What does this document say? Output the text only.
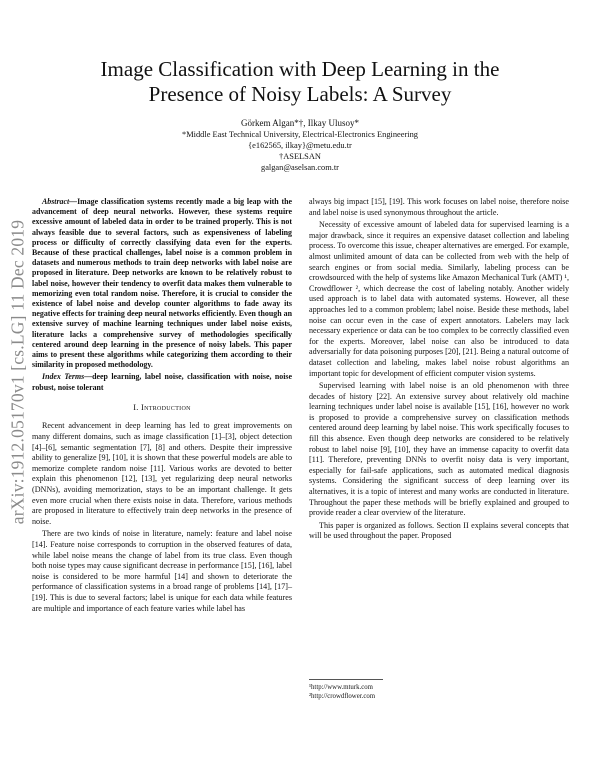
arXiv:1912.05170v1 [cs.LG] 11 Dec 2019
Image Classification with Deep Learning in the
Presence of Noisy Labels: A Survey
Görkem Algan*†, Ilkay Ulusoy*
*Middle East Technical University, Electrical-Electronics Engineering
{e162565, ilkay}@metu.edu.tr
†ASELSAN
galgan@aselsan.com.tr

Abstract—Image classification systems recently made a big leap with the advancement of deep neural networks. However, these systems require excessive amount of labeled data in order to be trained properly. This is not always feasible due to several factors, such as expensiveness of labeling process or difficulty of correctly classifying data even for the experts. Because of these practical challenges, label noise is a common problem in datasets and numerous methods to train deep networks with label noise are proposed in literature. Deep networks are known to be relatively robust to label noise, however their tendency to overfit data makes them vulnerable to memorizing even total random noise. Therefore, it is crucial to consider the existence of label noise and develop counter algorithms to fade away its negative effects for training deep neural networks efficiently. Even though an extensive survey of machine learning techniques under label noise exists, literature lacks a comprehensive survey of methodologies specifically centered around deep learning in the presence of noisy labels. This paper aims to present these algorithms while categorizing them according to their similarity in proposed methodology.

Index Terms—deep learning, label noise, classification with noise, noise robust, noise tolerant

I. Introduction

Recent advancement in deep learning has led to great improvements on many different domains, such as image classification [1]–[3], object detection [4]–[6], semantic segmentation [7], [8] and others. Despite their impressive ability to generalize [9], [10], it is shown that these powerful models are able to memorize complete random noise [11]. Various works are devoted to better explain this phenomenon [12], [13], yet regularizing deep neural networks (DNNs), avoiding memorization, stays to be an important challenge. It gets even more crucial when there exists noise in data. Therefore, various methods are proposed in literature to effectively train deep networks in the presence of noise.

There are two kinds of noise in literature, namely: feature and label noise [14]. Feature noise corresponds to corruption in the observed features of data, while label noise means the change of label from its true class. Even though both noise types may cause significant decrease in performance [15], [16], label noise is considered to be more harmful [14] and shown to deteriorate the performance of classification systems in a broad range of problems [14], [17]–[19]. This is due to several factors; label is unique for each data while features are multiple and importance of each feature varies while label has

always big impact [15], [19]. This work focuses on label noise, therefore noise and label noise is used synonymous throughout the article.

Necessity of excessive amount of labeled data for supervised learning is a major drawback, since it requires an expensive dataset collection and labeling process. To overcome this issue, cheaper alternatives are emerged. For example, almost unlimited amount of data can be collected from web with the help of search engines or from social media. Similarly, labeling process can be crowdsourced with the help of systems like Amazon Mechanical Turk (AMT) ¹, Crowdflower ², which decrease the cost of labeling notably. Another widely used approach is to label data with automated systems. However, all these approaches led to a common problem; label noise. Beside these methods, label noise can occur even in the case of expert annotators. Labelers may lack necessary experience or data can be too complex to be correctly classified even for the experts. Moreover, label noise can also be introduced to data adversarially for data poisoning purposes [20], [21]. Being a natural outcome of dataset collection and labeling, makes label noise robust algorithms an important topic for development of efficient computer vision systems.

Supervised learning with label noise is an old phenomenon with three decades of history [22]. An extensive survey about relatively old machine learning techniques under label noise is available [15], [16], however no work is proposed to provide a comprehensive survey on classification methods centered around deep learning by label noise. This work specifically focuses to fill this absence. Even though deep networks are considered to be relatively robust to label noise [9], [10], they have an immense capacity to overfit data [11]. Therefore, preventing DNNs to overfit noisy data is very important, especially for fail-safe applications, such as automated medical diagnosis systems. Considering the significant success of deep learning over its alternatives, it is a topic of interest and many works are conducted in literature. Throughout the paper these methods will be briefly explained and grouped to provide reader a clear overview of the literature.

This paper is organized as follows. Section II explains several concepts that will be used throughout the paper. Proposed

¹http://www.mturk.com
²http://crowdflower.com
